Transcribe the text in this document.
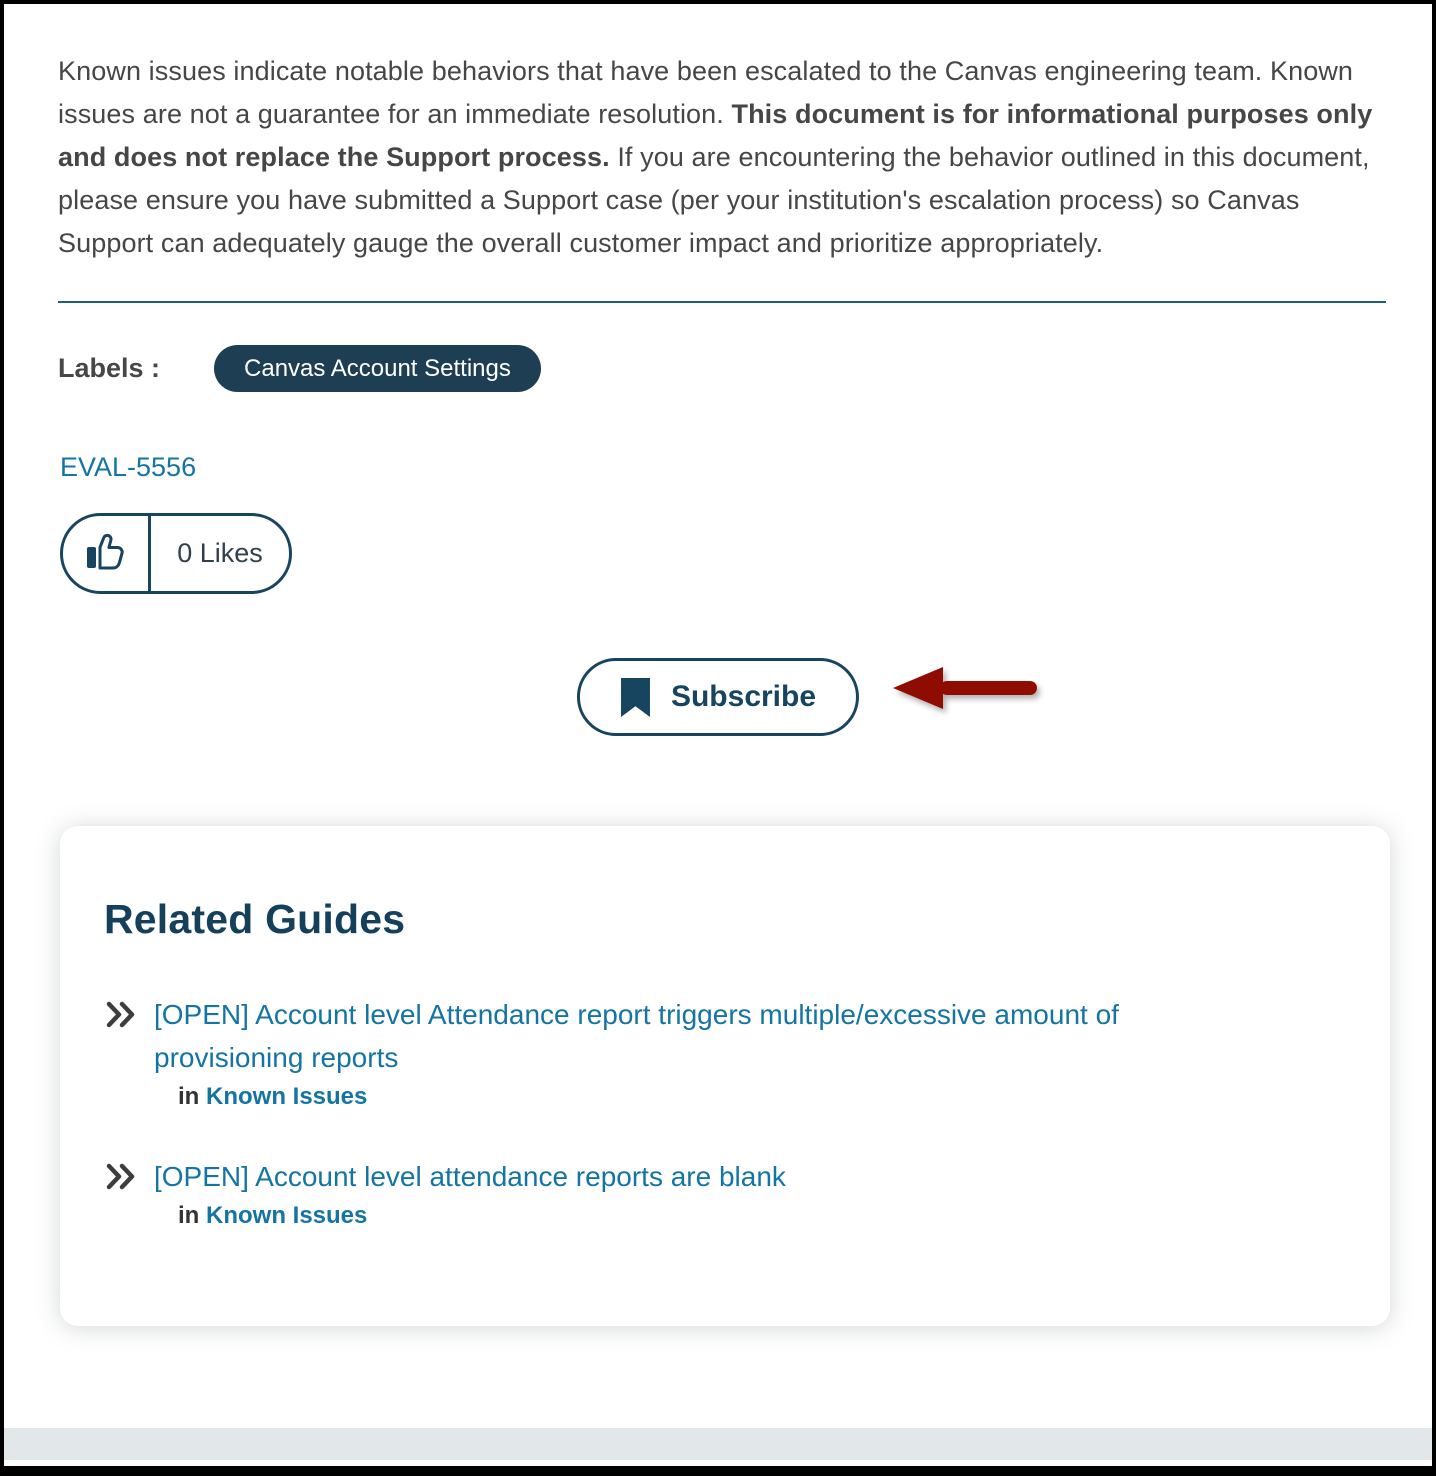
Known issues indicate notable behaviors that have been escalated to the Canvas engineering team. Known issues are not a guarantee for an immediate resolution. This document is for informational purposes only and does not replace the Support process. If you are encountering the behavior outlined in this document, please ensure you have submitted a Support case (per your institution's escalation process) so Canvas Support can adequately gauge the overall customer impact and prioritize appropriately.

Labels :	Canvas Account Settings
EVAL-5556
0 Likes
Subscribe
Related Guides
[OPEN] Account level Attendance report triggers multiple/excessive amount of provisioning reports
in Known Issues
[OPEN] Account level attendance reports are blank
in Known Issues
